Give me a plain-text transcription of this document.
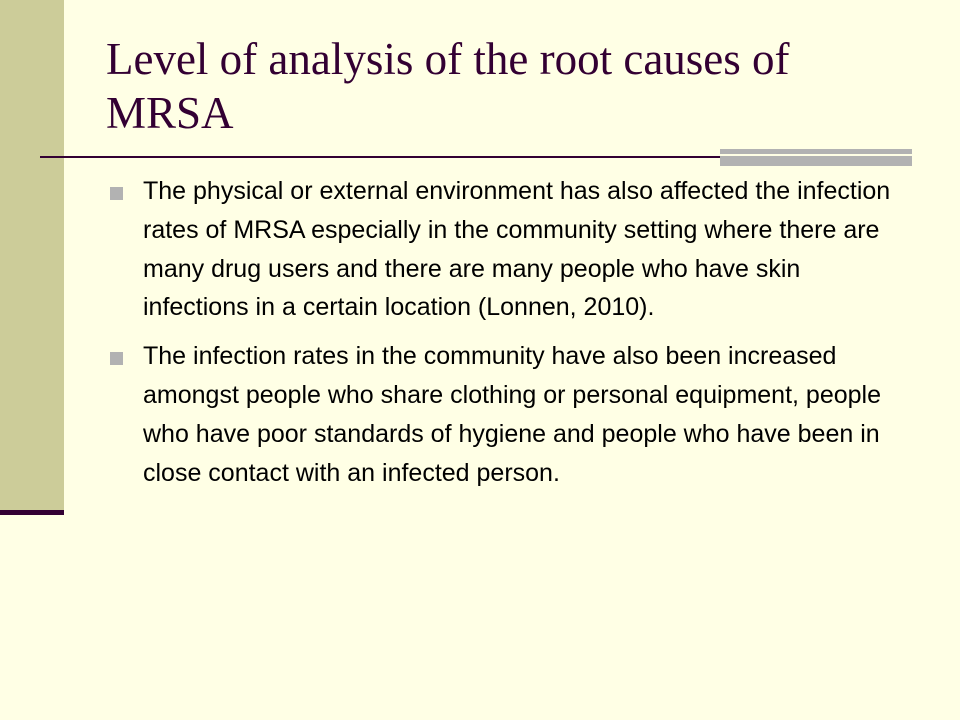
Level of analysis of the root causes of MRSA
The physical or external environment has also affected the infection rates of MRSA especially in the community setting where there are many drug users and there are many people who have skin infections in a certain location (Lonnen, 2010).
The infection rates in the community have also been increased amongst people who share clothing or personal equipment, people who have poor standards of hygiene and people who have been in close contact with an infected person.
